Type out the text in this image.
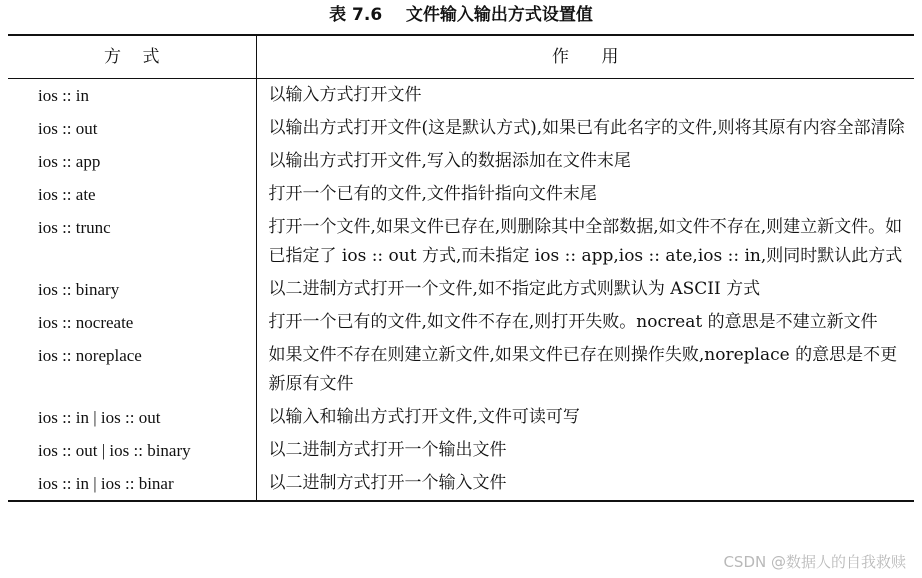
表 7.6    文件输入输出方式设置值
方    式	作      用
ios :: in	以输入方式打开文件
ios :: out	以输出方式打开文件(这是默认方式),如果已有此名字的文件,则将其原有内容全部清除
ios :: app	以输出方式打开文件,写入的数据添加在文件末尾
ios :: ate	打开一个已有的文件,文件指针指向文件末尾
ios :: trunc	打开一个文件,如果文件已存在,则删除其中全部数据,如文件不存在,则建立新文件。如已指定了 ios :: out 方式,而未指定 ios :: app,ios :: ate,ios :: in,则同时默认此方式
ios :: binary	以二进制方式打开一个文件,如不指定此方式则默认为 ASCII 方式
ios :: nocreate	打开一个已有的文件,如文件不存在,则打开失败。nocreat 的意思是不建立新文件
ios :: noreplace	如果文件不存在则建立新文件,如果文件已存在则操作失败,noreplace 的意思是不更新原有文件
ios :: in | ios :: out	以输入和输出方式打开文件,文件可读可写
ios :: out | ios :: binary	以二进制方式打开一个输出文件
ios :: in | ios :: binar	以二进制方式打开一个输入文件
CSDN @数据人的自我救赎
